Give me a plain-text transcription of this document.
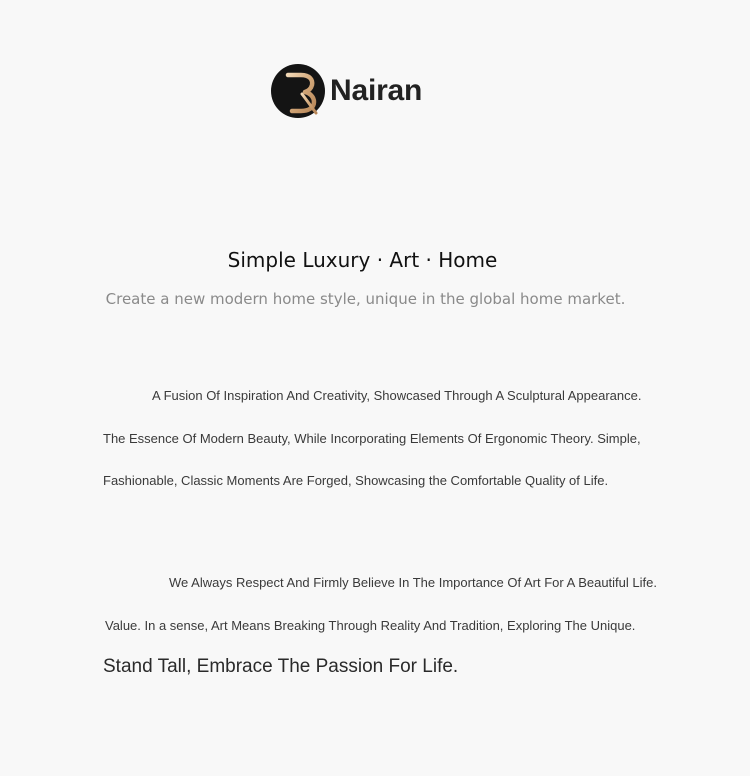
Nairan
Simple Luxury · Art · Home
Create a new modern home style, unique in the global home market.
A Fusion Of Inspiration And Creativity, Showcased Through A Sculptural Appearance.
The Essence Of Modern Beauty, While Incorporating Elements Of Ergonomic Theory. Simple,
Fashionable, Classic Moments Are Forged, Showcasing the Comfortable Quality of Life.
We Always Respect And Firmly Believe In The Importance Of Art For A Beautiful Life.
Value. In a sense, Art Means Breaking Through Reality And Tradition, Exploring The Unique.
Stand Tall, Embrace The Passion For Life.
